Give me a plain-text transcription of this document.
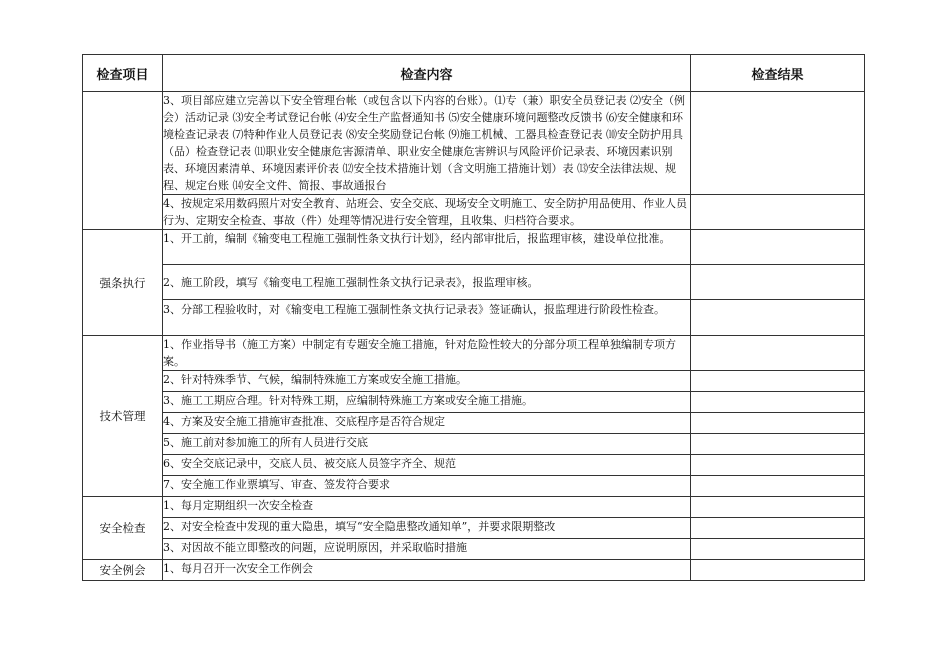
检查项目	检查内容	检查结果

	3、项目部应建立完善以下安全管理台帐（或包含以下内容的台账）。⑴专（兼）职安全员登记表 ⑵安全（例会）活动记录 ⑶安全考试登记台帐 ⑷安全生产监督通知书 ⑸安全健康环境问题整改反馈书 ⑹安全健康和环境检查记录表 ⑺特种作业人员登记表 ⑻安全奖励登记台帐 ⑼施工机械、工器具检查登记表 ⑽安全防护用具（品）检查登记表 ⑾职业安全健康危害源清单、职业安全健康危害辨识与风险评价记录表、环境因素识别表、环境因素清单、环境因素评价表 ⑿安全技术措施计划（含文明施工措施计划）表 ⒀安全法律法规、规程、规定台账 ⒁安全文件、简报、事故通报台	

	4、按规定采用数码照片对安全教育、站班会、安全交底、现场安全文明施工、安全防护用品使用、作业人员行为、定期安全检查、事故（件）处理等情况进行安全管理，且收集、归档符合要求。	
强条执行	1、开工前，编制《输变电工程施工强制性条文执行计划》，经内部审批后，报监理审核，建设单位批准。	
	2、施工阶段，填写《输变电工程施工强制性条文执行记录表》，报监理审核。	

	3、分部工程验收时，对《输变电工程施工强制性条文执行记录表》签证确认，报监理进行阶段性检查。	

技术管理	1、作业指导书（施工方案）中制定有专题安全施工措施，针对危险性较大的分部分项工程单独编制专项方案。	
	2、针对特殊季节、气候，编制特殊施工方案或安全施工措施。	
	3、施工工期应合理。针对特殊工期，应编制特殊施工方案或安全施工措施。	
	4、方案及安全施工措施审查批准、交底程序是否符合规定	
	5、施工前对参加施工的所有人员进行交底	
	6、安全交底记录中，交底人员、被交底人员签字齐全、规范	
	7、安全施工作业票填写、审查、签发符合要求	
安全检查	1、每月定期组织一次安全检查	
	2、对安全检查中发现的重大隐患，填写“安全隐患整改通知单”，并要求限期整改	
	3、对因故不能立即整改的问题，应说明原因，并采取临时措施	
安全例会	1、每月召开一次安全工作例会	
